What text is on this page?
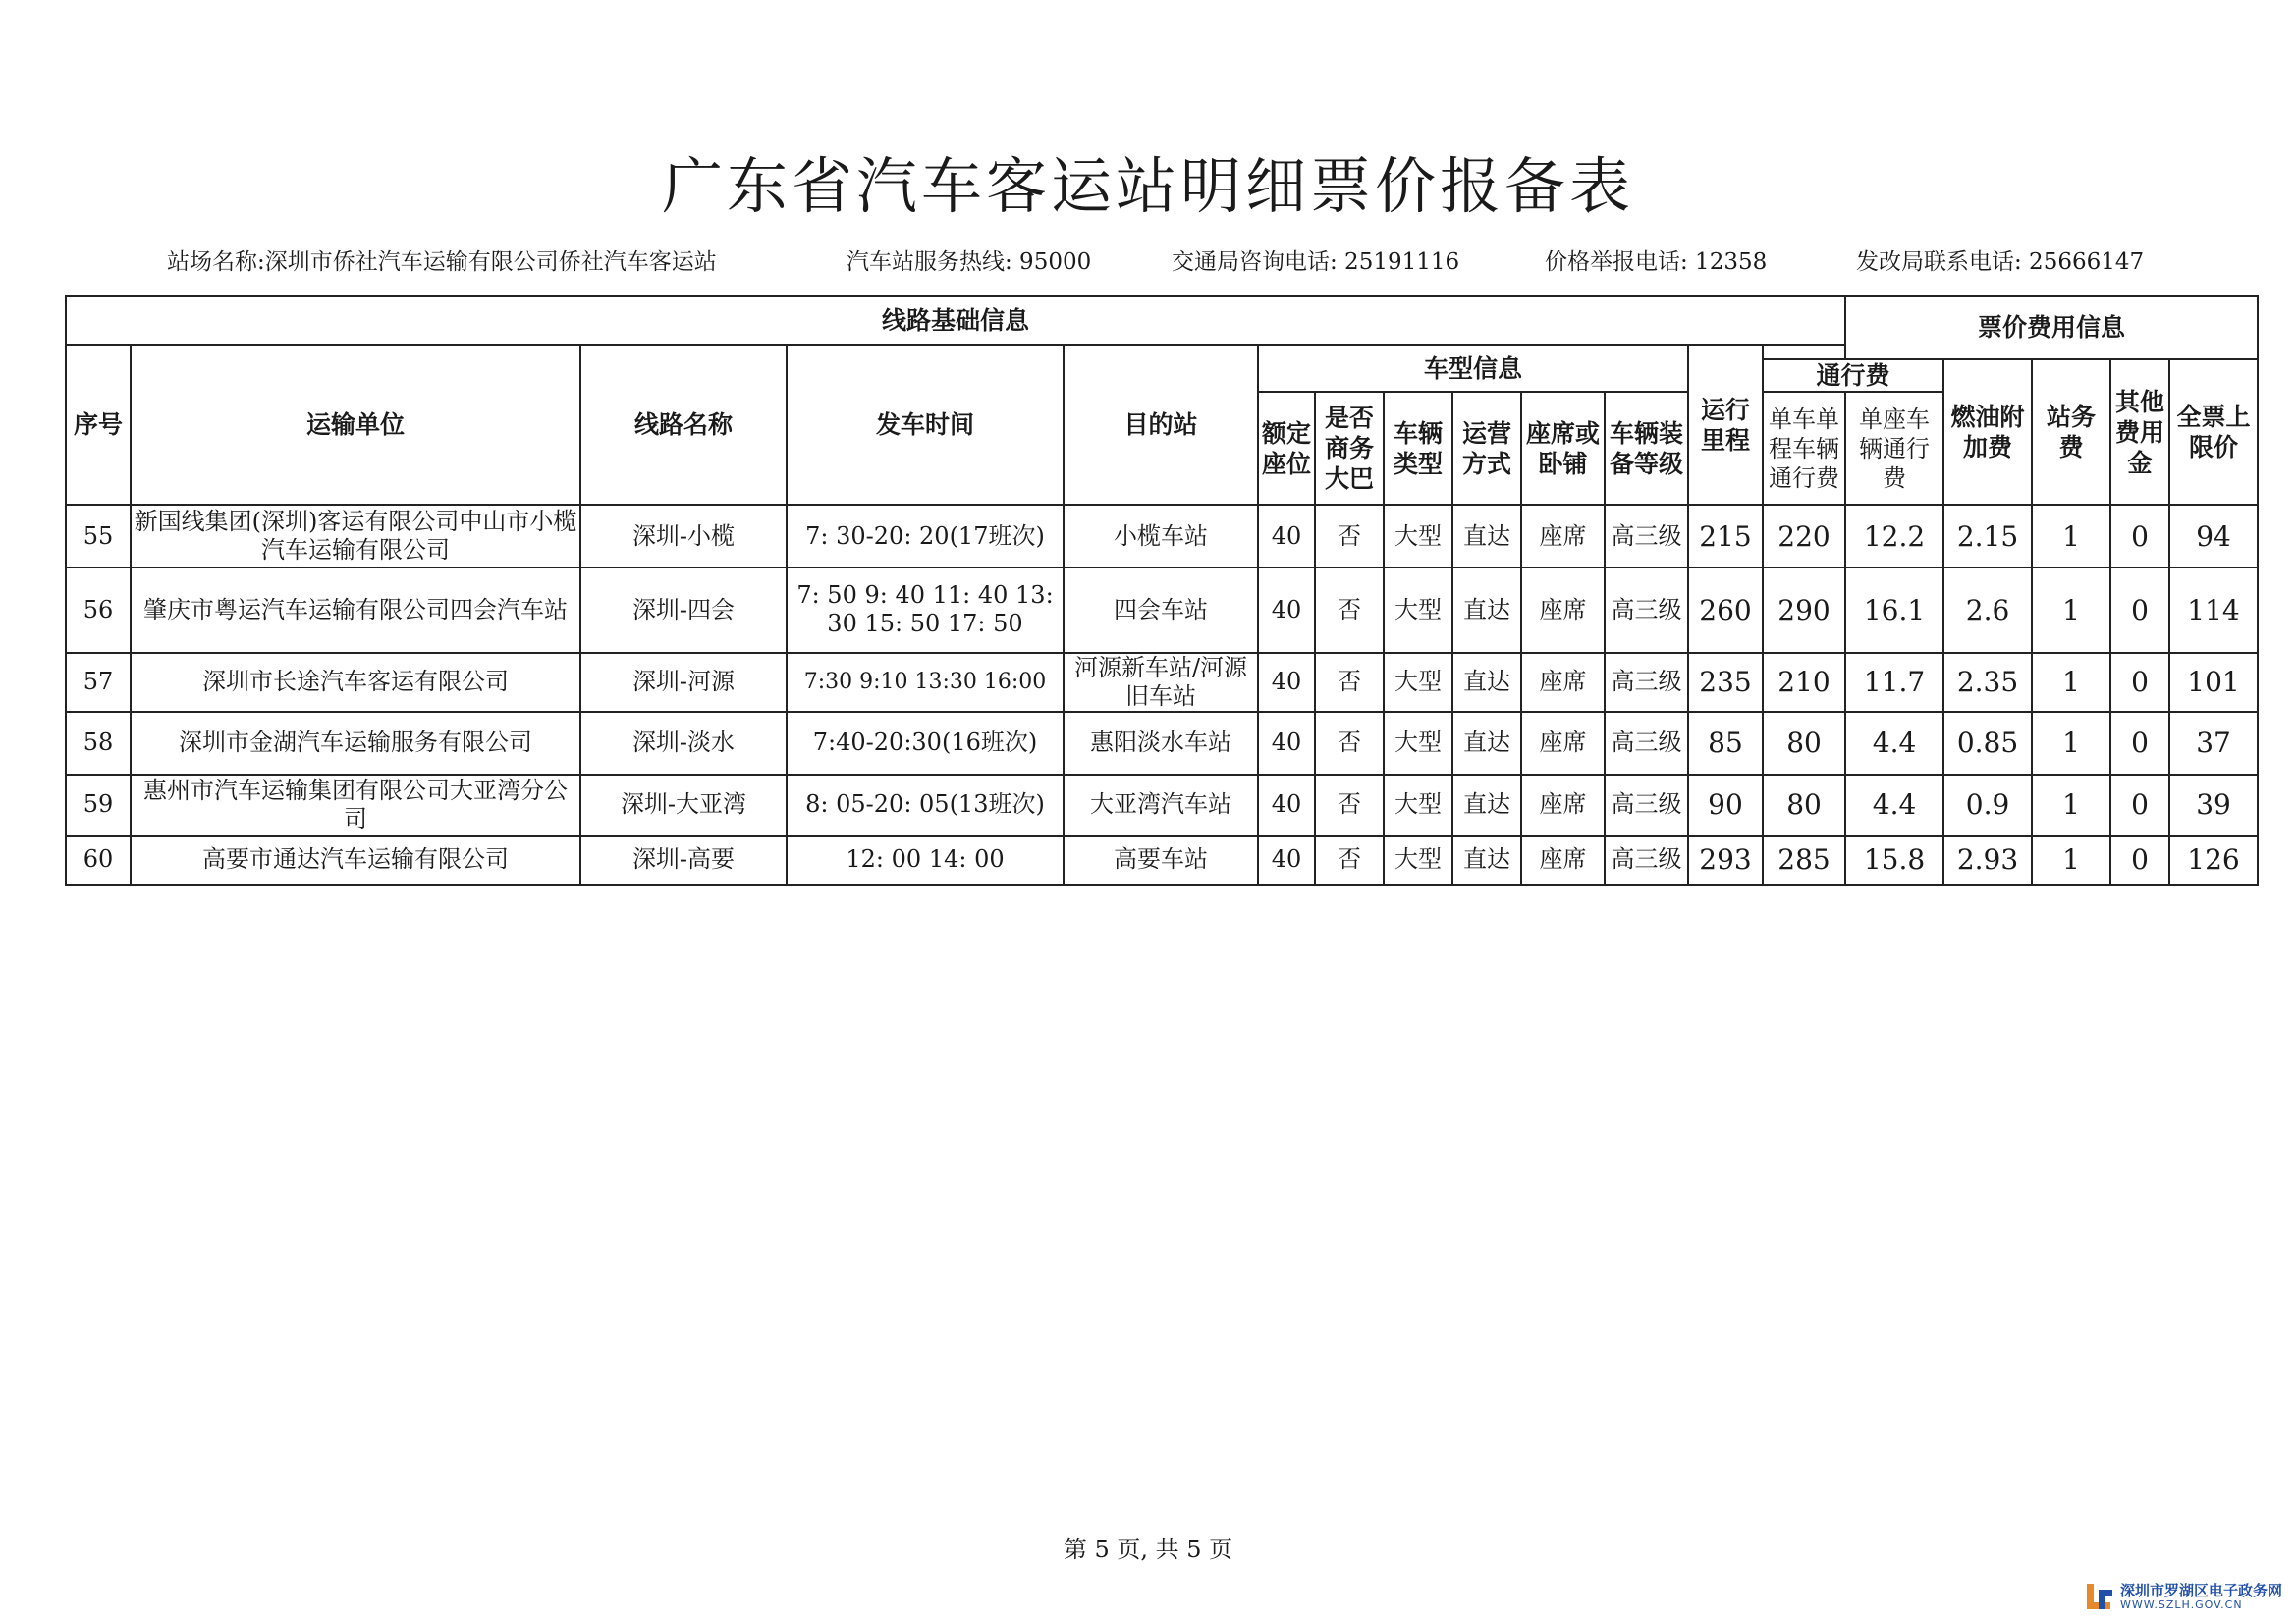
广东省汽车客运站明细票价报备表
站场名称:深圳市侨社汽车运输有限公司侨社汽车客运站	汽车站服务热线: 95000	交通局咨询电话: 25191116	价格举报电话: 12358	发改局联系电话: 25666147
线路基础信息													票价费用信息				
序号	运输单位	线路名称	发车时间	目的站	车型信息						运行里程						
												通行费		燃油附加费	站务费	其他费用金	全票上限价
					额定座位	是否商务大巴	车辆类型	运营方式	座席或卧铺	车辆装备等级		单车单程车辆通行费	单座车辆通行费				

55	新国线集团(深圳)客运有限公司中山市小榄汽车运输有限公司	深圳-小榄	7: 30-20: 20(17班次)	小榄车站	40	否	大型	直达	座席	高三级	215	220	12.2	2.15	1	0	94
56	肇庆市粤运汽车运输有限公司四会汽车站	深圳-四会	7: 50 9: 40 11: 40 13: 30 15: 50 17: 50	四会车站	40	否	大型	直达	座席	高三级	260	290	16.1	2.6	1	0	114
57	深圳市长途汽车客运有限公司	深圳-河源	7:30 9:10 13:30 16:00	河源新车站/河源旧车站	40	否	大型	直达	座席	高三级	235	210	11.7	2.35	1	0	101
58	深圳市金湖汽车运输服务有限公司	深圳-淡水	7:40-20:30(16班次)	惠阳淡水车站	40	否	大型	直达	座席	高三级	85	80	4.4	0.85	1	0	37
59	惠州市汽车运输集团有限公司大亚湾分公司	深圳-大亚湾	8: 05-20: 05(13班次)	大亚湾汽车站	40	否	大型	直达	座席	高三级	90	80	4.4	0.9	1	0	39
60	高要市通达汽车运输有限公司	深圳-高要	12: 00 14: 00	高要车站	40	否	大型	直达	座席	高三级	293	285	15.8	2.93	1	0	126
第 5 页, 共 5 页
深圳市罗湖区电子政务网
WWW.SZLH.GOV.CN
